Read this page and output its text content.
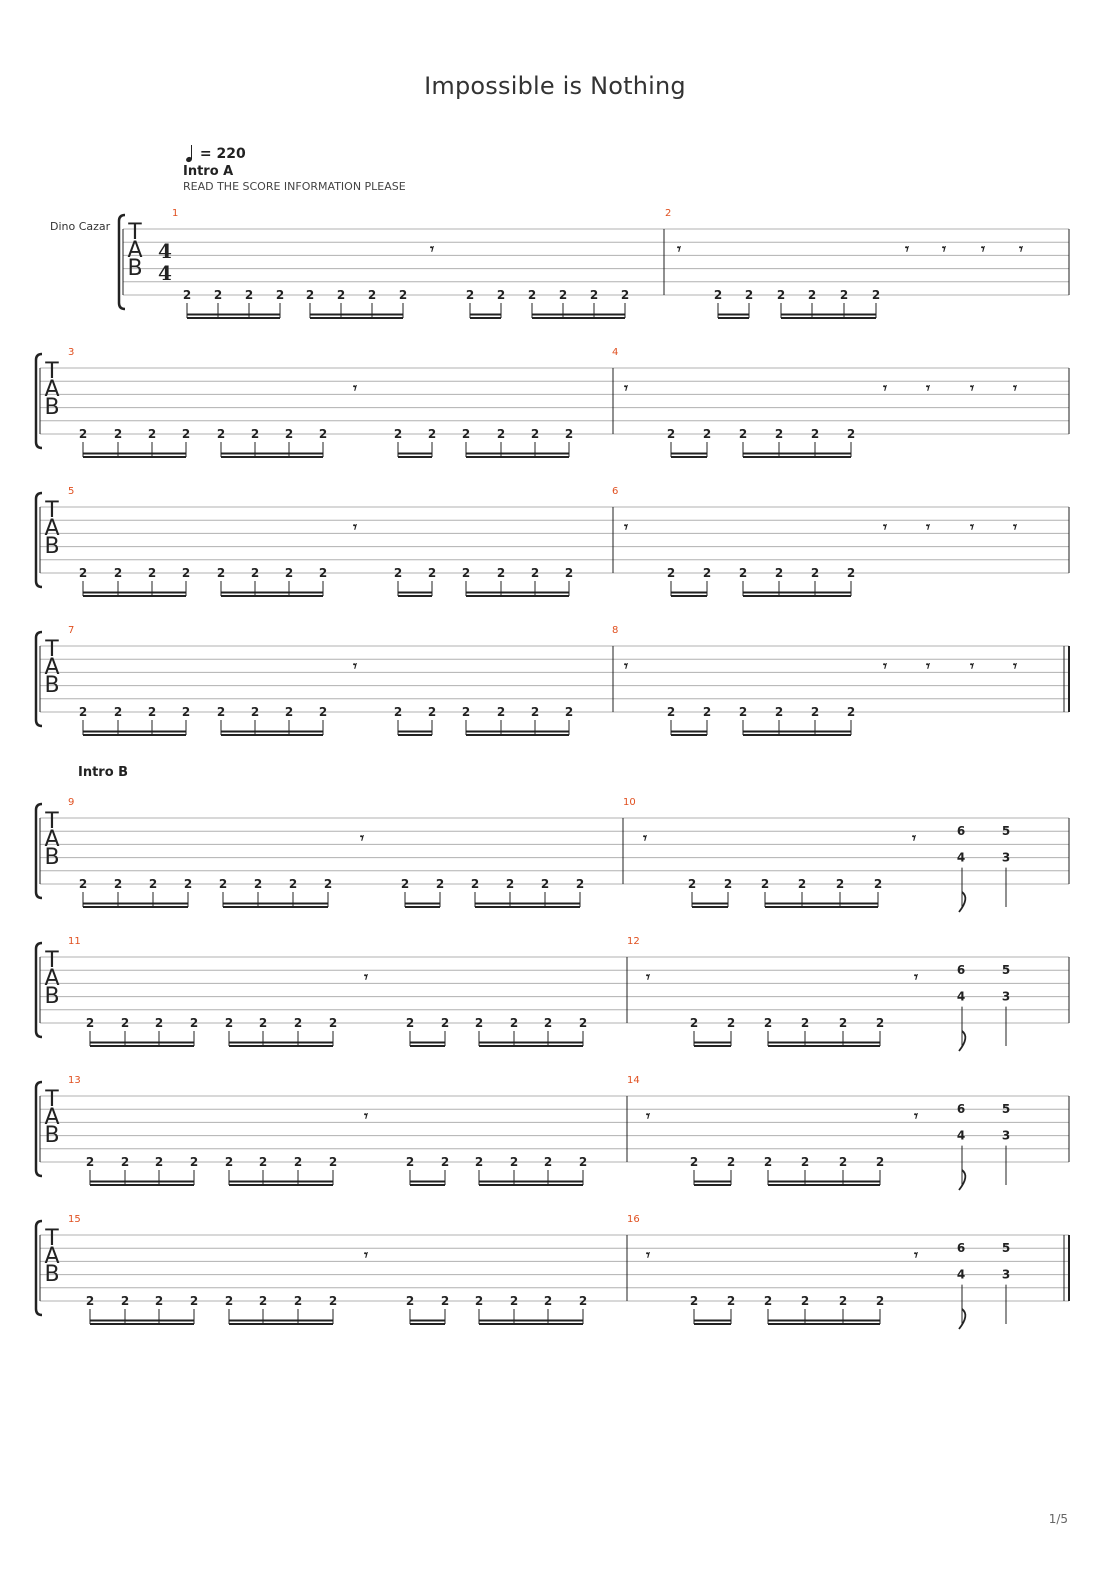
Impossible is Nothing
= 220
Intro A
READ THE SCORE INFORMATION PLEASE
Dino Cazar
Intro B
T
A
B
4
4
1	2
2 2 2 2 2 2 2 2	2 2 2 2 2 2	2 2 2 2 2 2
𝄾	𝄾	𝄾 𝄾 𝄾 𝄾
T
A
B
3	4
2 2 2 2 2 2 2 2	2 2 2 2 2 2	2 2 2 2 2 2
𝄾	𝄾	𝄾	𝄾	𝄾	𝄾
T
A
B
5	6
2 2 2 2 2 2 2 2	2 2 2 2 2 2	2 2 2 2 2 2
𝄾	𝄾	𝄾	𝄾	𝄾	𝄾
T
A
B
7	8
2 2 2 2 2 2 2 2	2 2 2 2 2 2	2 2 2 2 2 2
𝄾	𝄾	𝄾	𝄾	𝄾	𝄾
T
A
B
9	10
2 2 2 2 2 2 2 2	2 2 2 2 2 2	2 2 2 2 2 2
𝄾	𝄾	𝄾	6
4
5
3
T
A
B
11	12
2 2 2 2 2 2 2 2	2 2 2 2 2 2	2 2 2 2 2 2
𝄾	𝄾	𝄾	6
4
5
3
T
A
B
13	14
2 2 2 2 2 2 2 2	2 2 2 2 2 2	2 2 2 2 2 2
𝄾	𝄾	𝄾	6
4
5
3
T
A
B
15	16
2 2 2 2 2 2 2 2	2 2 2 2 2 2	2 2 2 2 2 2
𝄾	𝄾	𝄾	6
4
5
3
1/5
